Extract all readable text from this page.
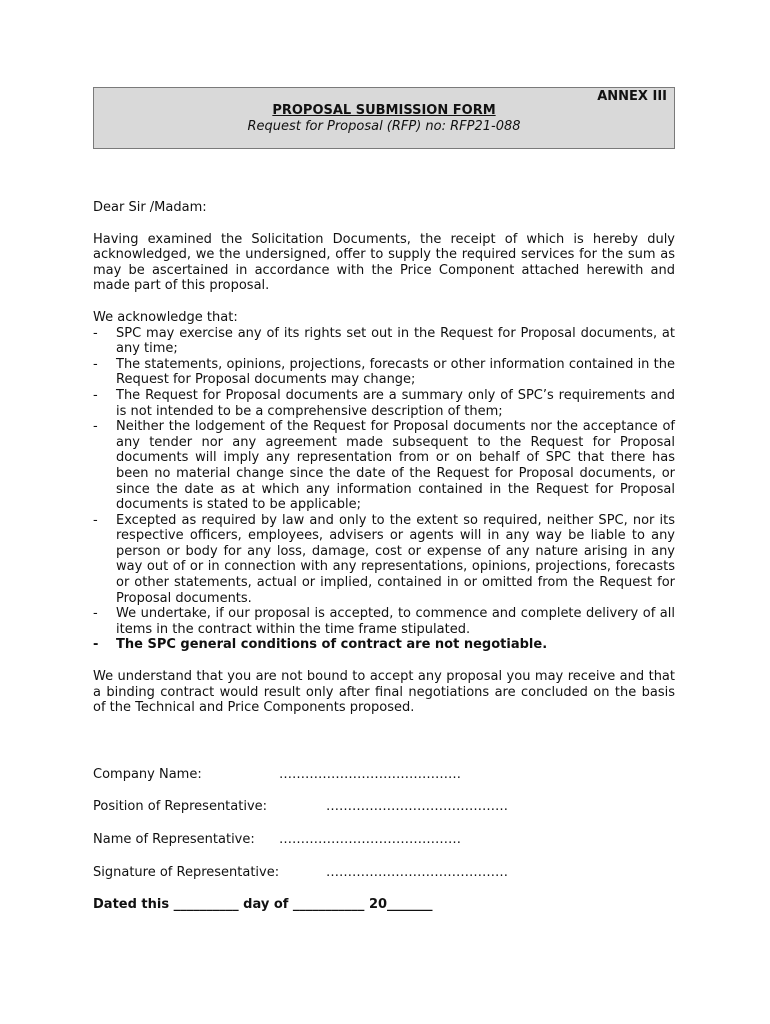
ANNEX III
PROPOSAL SUBMISSION FORM
Request for Proposal (RFP) no: RFP21-088

Dear Sir /Madam:

Having examined the Solicitation Documents, the receipt of which is hereby duly acknowledged, we the undersigned, offer to supply the required services for the sum as may be ascertained in accordance with the Price Component attached herewith and made part of this proposal.

We acknowledge that:

- SPC may exercise any of its rights set out in the Request for Proposal documents, at any time;
- The statements, opinions, projections, forecasts or other information contained in the Request for Proposal documents may change;
- The Request for Proposal documents are a summary only of SPC’s requirements and is not intended to be a comprehensive description of them;
- Neither the lodgement of the Request for Proposal documents nor the acceptance of any tender nor any agreement made subsequent to the Request for Proposal documents will imply any representation from or on behalf of SPC that there has been no material change since the date of the Request for Proposal documents, or since the date as at which any information contained in the Request for Proposal documents is stated to be applicable;
- Excepted as required by law and only to the extent so required, neither SPC, nor its respective officers, employees, advisers or agents will in any way be liable to any person or body for any loss, damage, cost or expense of any nature arising in any way out of or in connection with any representations, opinions, projections, forecasts or other statements, actual or implied, contained in or omitted from the Request for Proposal documents.
- We undertake, if our proposal is accepted, to commence and complete delivery of all items in the contract within the time frame stipulated.
- The SPC general conditions of contract are not negotiable.

We understand that you are not bound to accept any proposal you may receive and that a binding contract would result only after final negotiations are concluded on the basis of the Technical and Price Components proposed.

Company Name:	……………………………………
Position of Representative:	……………………………………
Name of Representative: ……………………………………
Signature of Representative:	……………………………………
Dated this __________ day of ___________ 20_______
